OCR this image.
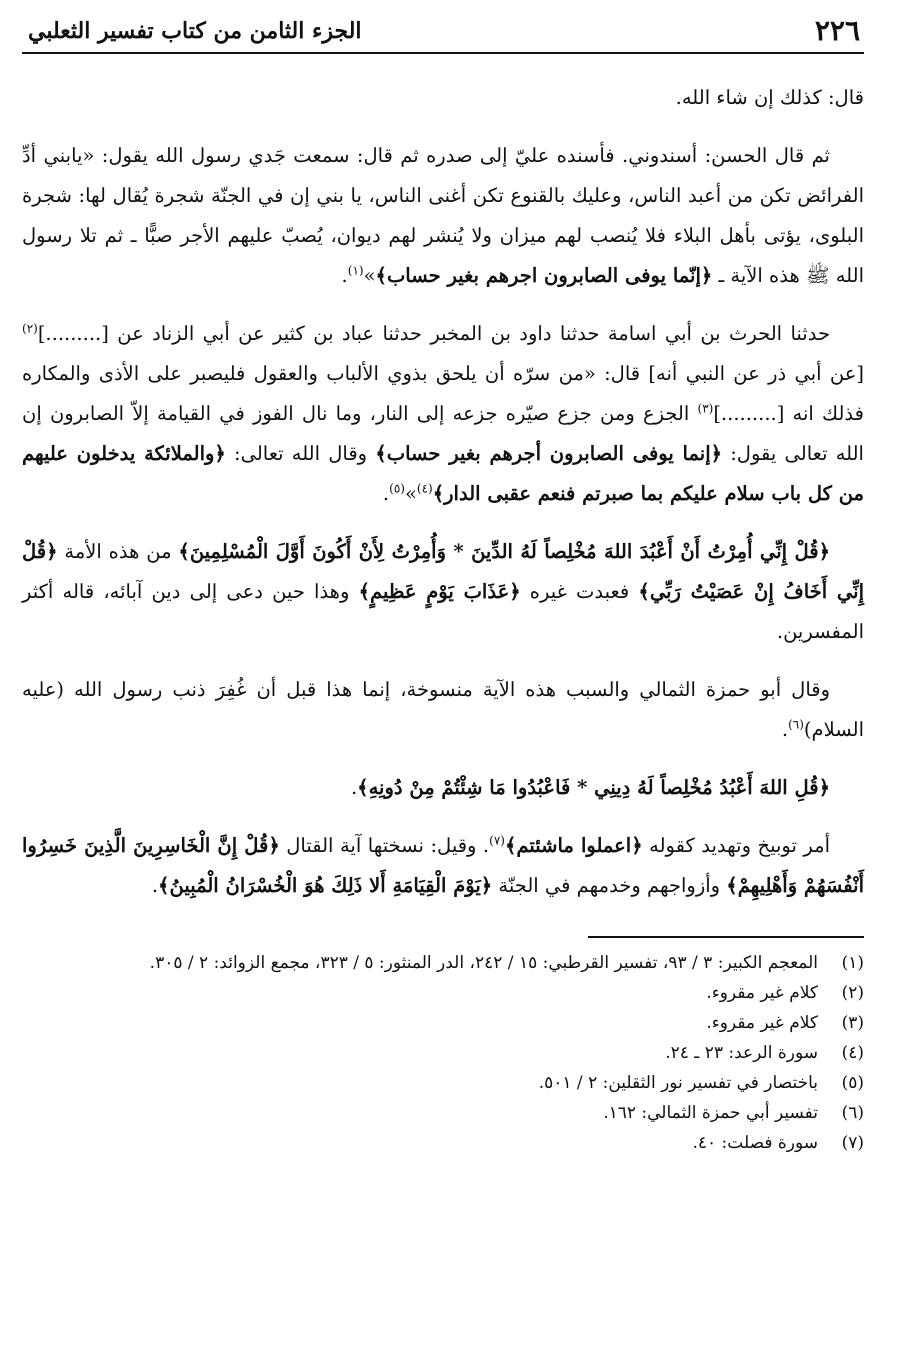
٢٢٦
الجزء الثامن من كتاب تفسير الثعلبي

قال: كذلك إن شاء الله.

ثم قال الحسن: أسندوني. فأسنده عليّ إلى صدره ثم قال: سمعت جَدي رسول الله يقول: «يابني أدِّ الفرائض تكن من أعبد الناس، وعليك بالقنوع تكن أغنى الناس، يا بني إن في الجنّة شجرة يُقال لها: شجرة البلوى، يؤتى بأهل البلاء فلا يُنصب لهم ميزان ولا يُنشر لهم ديوان، يُصبّ عليهم الأجر صبًّا ـ ثم تلا رسول الله ﷺ هذه الآية ـ ﴿إنّما يوفى الصابرون اجرهم بغير حساب﴾»$^{(١)}$.

حدثنا الحرث بن أبي اسامة حدثنا داود بن المخبر حدثنا عباد بن كثير عن أبي الزناد عن [.........]$^{(٢)}$ [عن أبي ذر عن النبي أنه] قال: «من سرّه أن يلحق بذوي الألباب والعقول فليصبر على الأذى والمكاره فذلك انه [.........]$^{(٣)}$ الجزع ومن جزع صيّره جزعه إلى النار، وما نال الفوز في القيامة إلاّ الصابرون إن الله تعالى يقول: ﴿إنما يوفى الصابرون أجرهم بغير حساب﴾ وقال الله تعالى: ﴿والملائكة يدخلون عليهم من كل باب سلام عليكم بما صبرتم فنعم عقبى الدار﴾$^{(٤)}$»$^{(٥)}$.

﴿قُلْ إِنِّي أُمِرْتُ أَنْ أَعْبُدَ اللهَ مُخْلِصاً لَهُ الدِّينَ * وَأُمِرْتُ لِأَنْ أَكُونَ أَوَّلَ الْمُسْلِمِينَ﴾ من هذه الأمة ﴿قُلْ إِنِّي أَخَافُ إِنْ عَصَيْتُ رَبِّي﴾ فعبدت غيره ﴿عَذَابَ يَوْمٍ عَظِيمٍ﴾ وهذا حين دعى إلى دين آبائه، قاله أكثر المفسرين.

وقال أبو حمزة الثمالي والسبب هذه الآية منسوخة، إنما هذا قبل أن غُفِرَ ذنب رسول الله (عليه السلام)$^{(٦)}$.

﴿قُلِ اللهَ أَعْبُدُ مُخْلِصاً لَهُ دِينِي * فَاعْبُدُوا مَا شِئْتُمْ مِنْ دُونِهِ﴾.

أمر توبيخ وتهديد كقوله ﴿اعملوا ماشئتم﴾$^{(٧)}$. وقيل: نسختها آية القتال ﴿قُلْ إِنَّ الْخَاسِرِينَ الَّذِينَ خَسِرُوا أَنْفُسَهُمْ وَأَهْلِيهِمْ﴾ وأزواجهم وخدمهم في الجنّة ﴿يَوْمَ الْقِيَامَةِ أَلا ذَلِكَ هُوَ الْخُسْرَانُ الْمُبِينُ﴾.

(١)
المعجم الكبير: ٣ / ٩٣، تفسير القرطبي: ١٥ / ٢٤٢، الدر المنثور: ٥ / ٣٢٣، مجمع الزوائد: ٢ / ٣٠٥.
(٢)
كلام غير مقروء.
(٣)
كلام غير مقروء.
(٤)
سورة الرعد: ٢٣ ـ ٢٤.
(٥)
باختصار في تفسير نور الثقلين: ٢ / ٥٠١.
(٦)
تفسير أبي حمزة الثمالي: ١٦٢.
(٧)
سورة فصلت: ٤٠.
